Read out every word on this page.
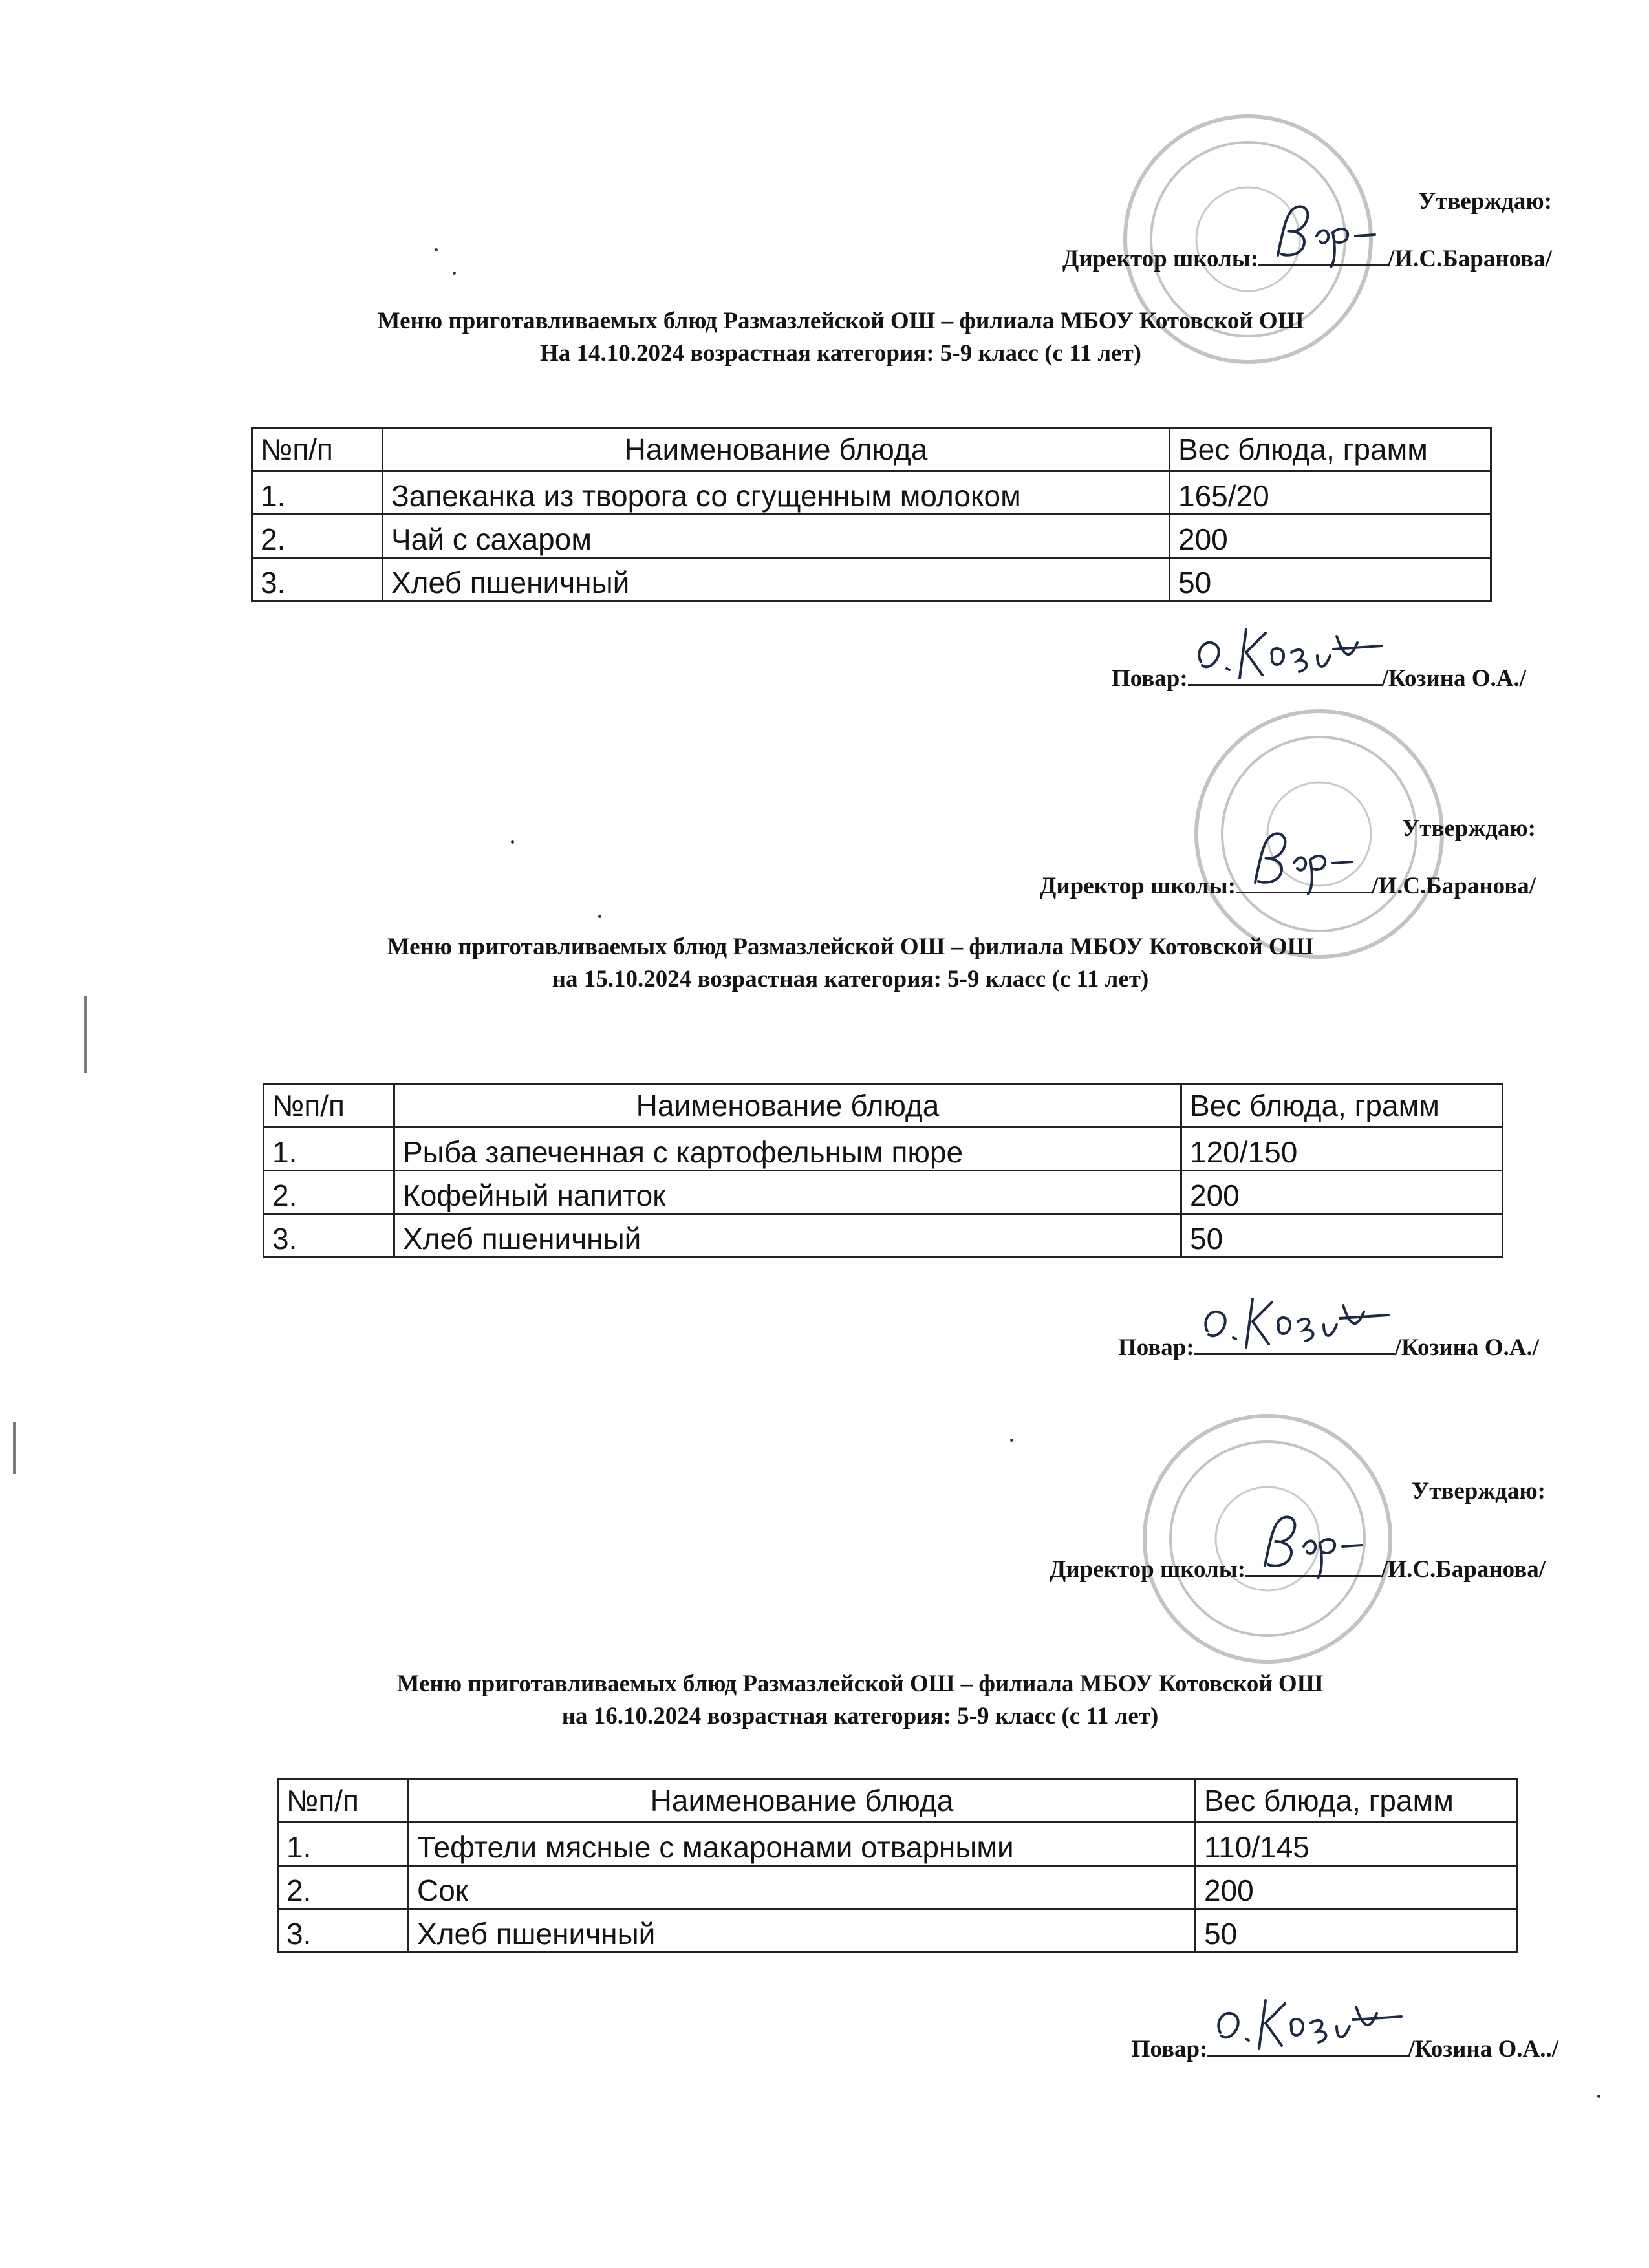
Утверждаю:
Директор школы:	/И.С.Баранова/
Меню приготавливаемых блюд Размазлейской ОШ – филиала МБОУ Котовской ОШ
На 14.10.2024 возрастная категория: 5-9 класс (с 11 лет)
№п/п	Наименование блюда	Вес блюда, грамм
1.	Запеканка из творога со сгущенным молоком	165/20
2.	Чай с сахаром	200
3.	Хлеб пшеничный	50
Повар:	/Козина О.А./
Утверждаю:
Директор школы:	/И.С.Баранова/
Меню приготавливаемых блюд Размазлейской ОШ – филиала МБОУ Котовской ОШ
на 15.10.2024 возрастная категория: 5-9 класс (с 11 лет)
№п/п	Наименование блюда	Вес блюда, грамм
1.	Рыба запеченная с картофельным пюре	120/150
2.	Кофейный напиток	200
3.	Хлеб пшеничный	50
Повар:	/Козина О.А./
Утверждаю:
Директор школы:	/И.С.Баранова/
Меню приготавливаемых блюд Размазлейской ОШ – филиала МБОУ Котовской ОШ
на 16.10.2024 возрастная категория: 5-9 класс (с 11 лет)
№п/п	Наименование блюда	Вес блюда, грамм
1.	Тефтели мясные с макаронами отварными	110/145
2.	Сок	200
3.	Хлеб пшеничный	50
Повар:	/Козина О.А../
